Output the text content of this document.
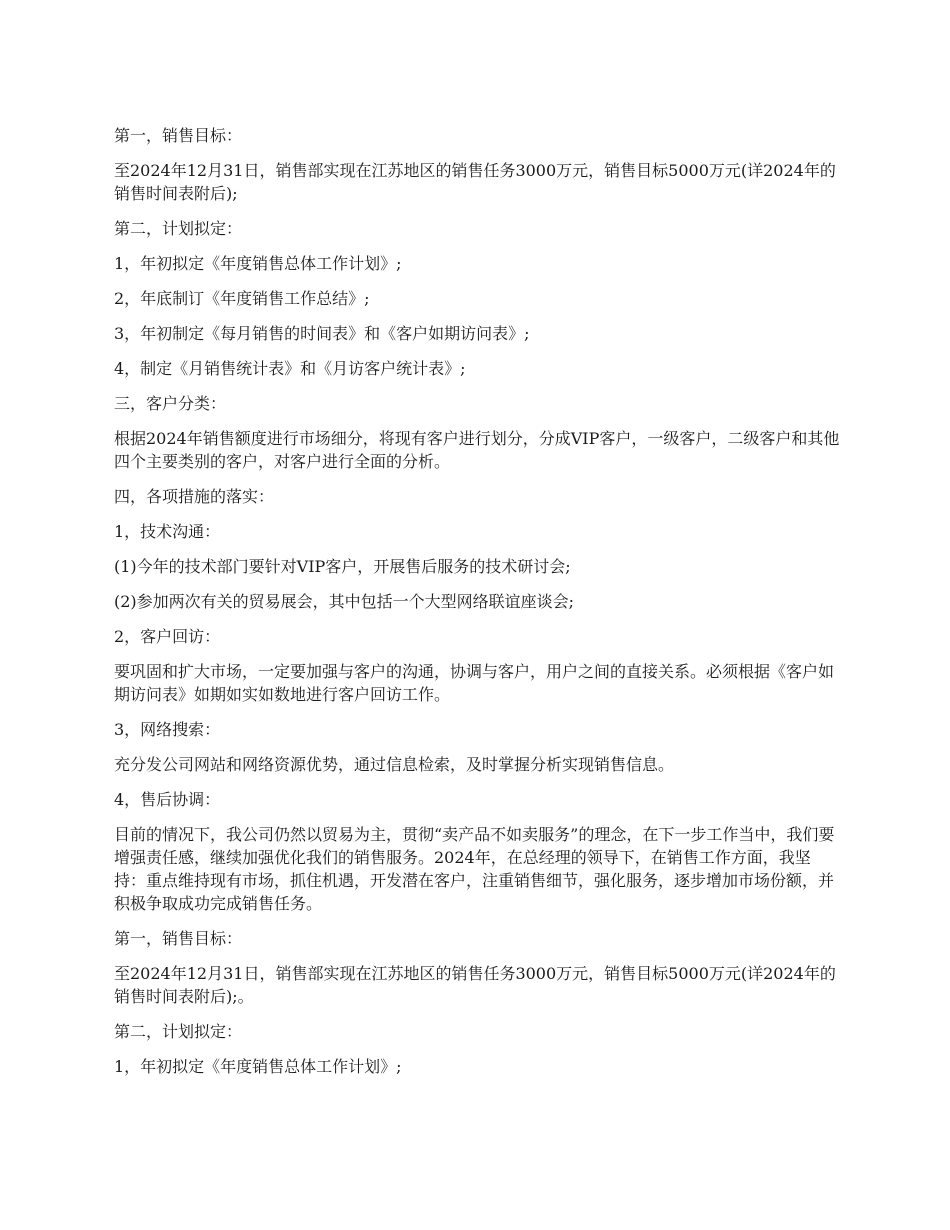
第一，销售目标：

至2024年12月31日，销售部实现在江苏地区的销售任务3000万元，销售目标5000万元(详2024年的销售时间表附后);

第二，计划拟定：

1，年初拟定《年度销售总体工作计划》;

2，年底制订《年度销售工作总结》;

3，年初制定《每月销售的时间表》和《客户如期访问表》;

4，制定《月销售统计表》和《月访客户统计表》;

三，客户分类：

根据2024年销售额度进行市场细分，将现有客户进行划分，分成VIP客户，一级客户，二级客户和其他四个主要类别的客户，对客户进行全面的分析。

四，各项措施的落实：

1，技术沟通：

(1)今年的技术部门要针对VIP客户，开展售后服务的技术研讨会;

(2)参加两次有关的贸易展会，其中包括一个大型网络联谊座谈会;

2，客户回访：

要巩固和扩大市场，一定要加强与客户的沟通，协调与客户，用户之间的直接关系。必须根据《客户如期访问表》如期如实如数地进行客户回访工作。

3，网络搜索：

充分发公司网站和网络资源优势，通过信息检索，及时掌握分析实现销售信息。

4，售后协调：

目前的情况下，我公司仍然以贸易为主，贯彻“卖产品不如卖服务”的理念，在下一步工作当中，我们要增强责任感，继续加强优化我们的销售服务。2024年，在总经理的领导下，在销售工作方面，我坚持：重点维持现有市场，抓住机遇，开发潜在客户，注重销售细节，强化服务，逐步增加市场份额，并积极争取成功完成销售任务。

第一，销售目标：

至2024年12月31日，销售部实现在江苏地区的销售任务3000万元，销售目标5000万元(详2024年的销售时间表附后);。

第二，计划拟定：

1，年初拟定《年度销售总体工作计划》;
